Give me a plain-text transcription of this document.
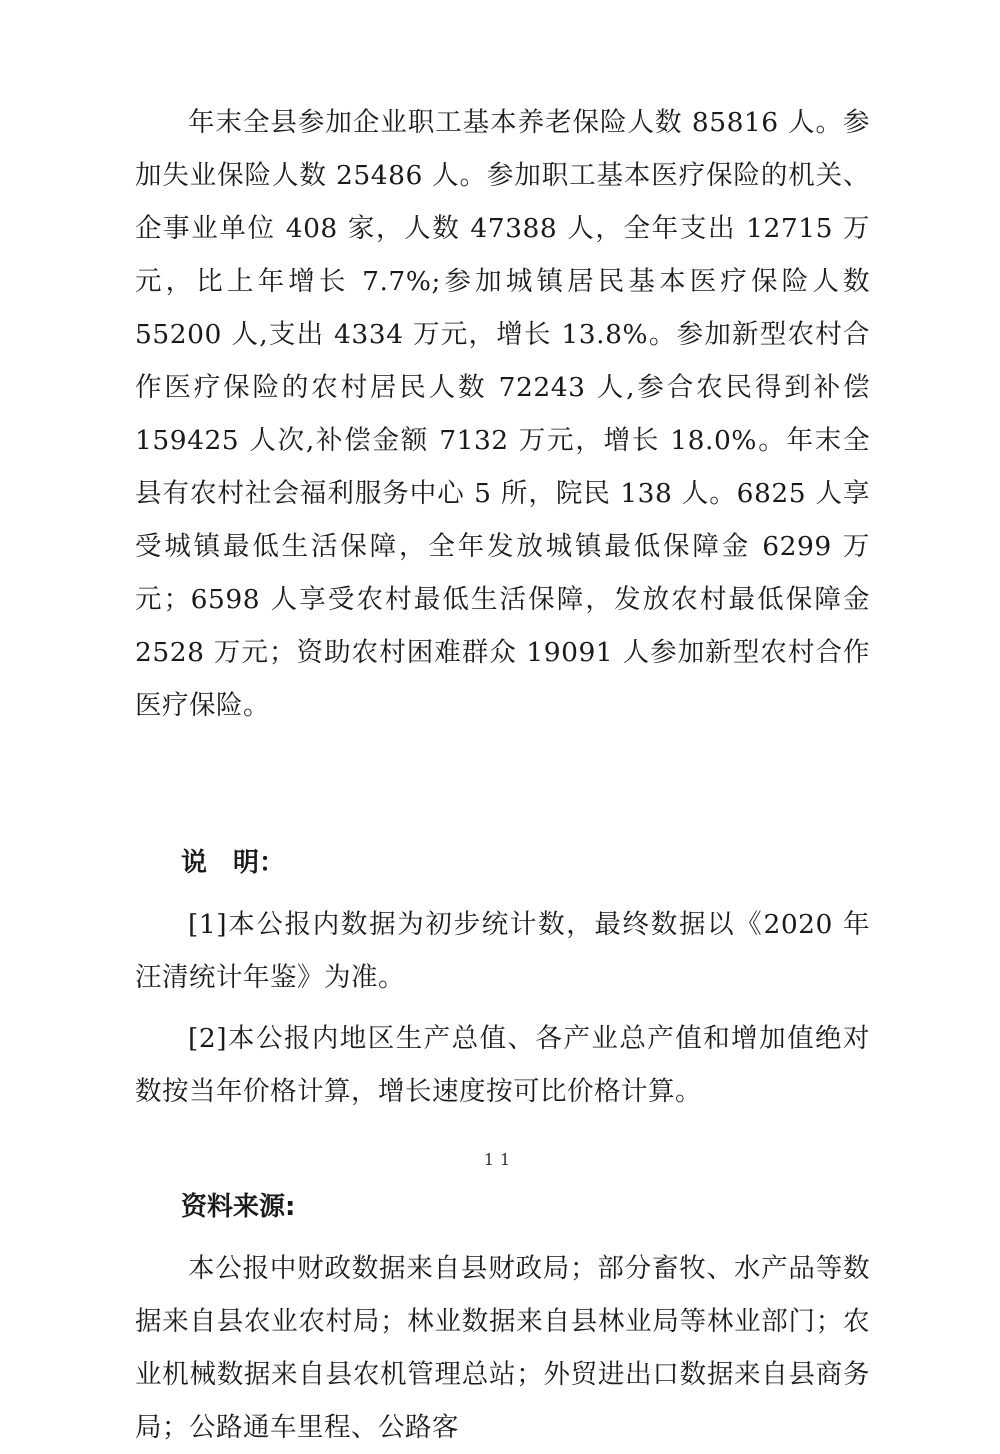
年末全县参加企业职工基本养老保险人数 85816 人。参加失业保险人数 25486 人。参加职工基本医疗保险的机关、企事业单位 408 家，人数 47388 人，全年支出 12715 万元，比上年增长 7.7%;参加城镇居民基本医疗保险人数 55200 人,支出 4334 万元，增长 13.8%。参加新型农村合作医疗保险的农村居民人数 72243 人,参合农民得到补偿 159425 人次,补偿金额 7132 万元，增长 18.0%。年末全县有农村社会福利服务中心 5 所，院民 138 人。6825 人享受城镇最低生活保障，全年发放城镇最低保障金 6299 万元；6598 人享受农村最低生活保障，发放农村最低保障金 2528 万元；资助农村困难群众 19091 人参加新型农村合作医疗保险。

说 明：

[1]本公报内数据为初步统计数，最终数据以《2020 年汪清统计年鉴》为准。

[2]本公报内地区生产总值、各产业总产值和增加值绝对数按当年价格计算，增长速度按可比价格计算。

资料来源:

本公报中财政数据来自县财政局；部分畜牧、水产品等数据来自县农业农村局；林业数据来自县林业局等林业部门；农业机械数据来自县农机管理总站；外贸进出口数据来自县商务局；公路通车里程、公路客

11
